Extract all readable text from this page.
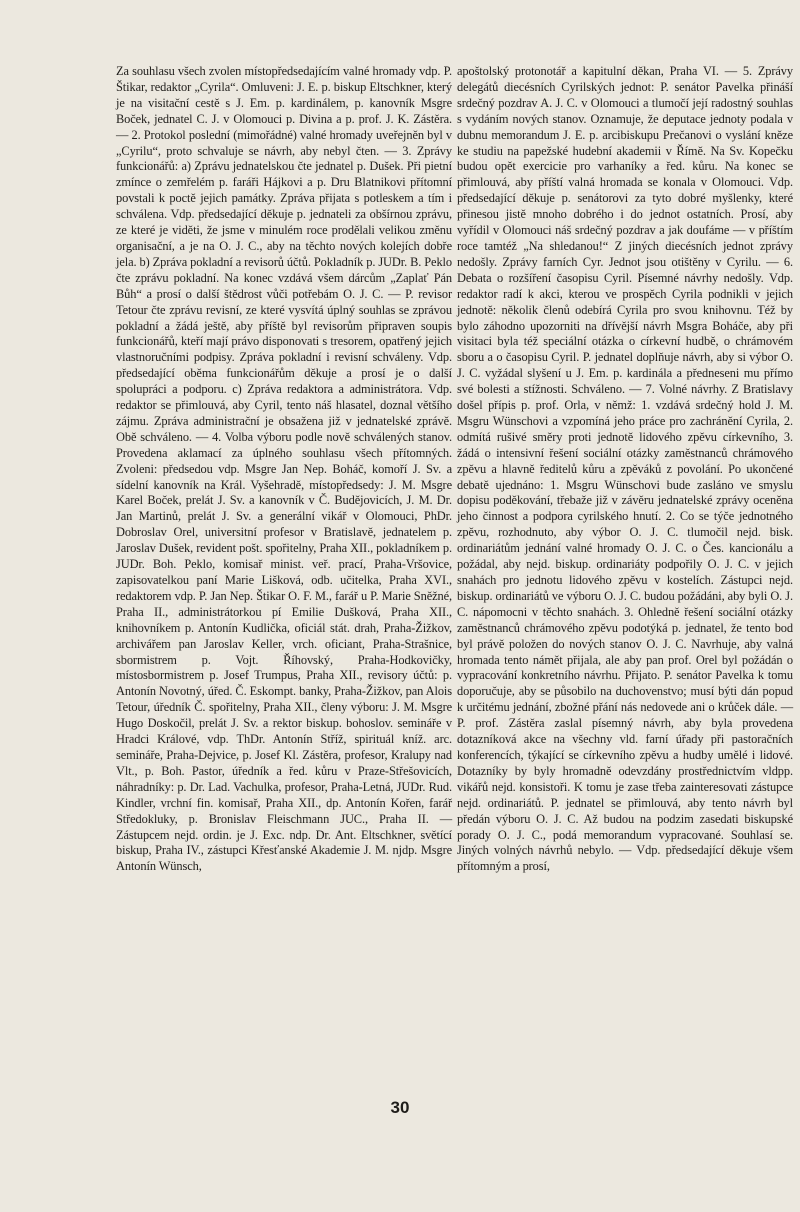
Za souhlasu všech zvolen místopředsedajícím valné hromady vdp. P. Štikar, redaktor „Cyrila“. Omluveni: J. E. p. biskup Eltschkner, který je na visitační cestě s J. Em. p. kardinálem, p. kanovník Msgre Boček, jednatel C. J. v Olomouci p. Divina a p. prof. J. K. Zástěra. — 2. Protokol poslední (mimořádné) valné hromady uveřejněn byl v „Cyrilu“, proto schvaluje se návrh, aby nebyl čten. — 3. Zprávy funkcionářů: a) Zprávu jednatelskou čte jednatel p. Dušek. Při pietní zmínce o zemřelém p. faráři Hájkovi a p. Dru Blatnikovi přítomní povstali k poctě jejich památky. Zpráva přijata s potleskem a tím i schválena. Vdp. předsedající děkuje p. jednateli za obšírnou zprávu, ze které je viděti, že jsme v minulém roce prodělali velikou změnu organisační, a je na O. J. C., aby na těchto nových kolejích dobře jela. b) Zpráva pokladní a revisorů účtů. Pokladník p. JUDr. B. Peklo čte zprávu pokladní. Na konec vzdává všem dárcům „Zaplať Pán Bůh“ a prosí o další štědrost vůči potřebám O. J. C. — P. revisor Tetour čte zprávu revisní, ze které vysvítá úplný souhlas se zprávou pokladní a žádá ještě, aby příště byl revisorům připraven soupis funkcionářů, kteří mají právo disponovati s tresorem, opatřený jejich vlastnoručními podpisy. Zpráva pokladní i revisní schváleny. Vdp. předsedající oběma funkcionářům děkuje a prosí je o další spolupráci a podporu. c) Zpráva redaktora a administrátora. Vdp. redaktor se přimlouvá, aby Cyril, tento náš hlasatel, doznal většího zájmu. Zpráva administrační je obsažena již v jednatelské zprávě. Obě schváleno. — 4. Volba výboru podle nově schválených stanov. Provedena aklamací za úplného souhlasu všech přítomných. Zvoleni: předsedou vdp. Msgre Jan Nep. Boháč, komoří J. Sv. a sídelní kanovník na Král. Vyšehradě, místopředsedy: J. M. Msgre Karel Boček, prelát J. Sv. a kanovník v Č. Budějovicích, J. M. Dr. Jan Martinů, prelát J. Sv. a generální vikář v Olomouci, PhDr. Dobroslav Orel, universitní profesor v Bratislavě, jednatelem p. Jaroslav Dušek, revident pošt. spořitelny, Praha XII., pokladníkem p. JUDr. Boh. Peklo, komisař minist. veř. prací, Praha-Vršovice, zapisovatelkou paní Marie Lišková, odb. učitelka, Praha XVI., redaktorem vdp. P. Jan Nep. Štikar O. F. M., farář u P. Marie Sněžné, Praha II., administrátorkou pí Emilie Dušková, Praha XII., knihovníkem p. Antonín Kudlička, oficiál stát. drah, Praha-Žižkov, archivářem pan Jaroslav Keller, vrch. oficiant, Praha-Strašnice, sbormistrem p. Vojt. Říhovský, Praha-Hodkovičky, místosbormistrem p. Josef Trumpus, Praha XII., revisory účtů: p. Antonín Novotný, úřed. Č. Eskompt. banky, Praha-Žižkov, pan Alois Tetour, úředník Č. spořitelny, Praha XII., členy výboru: J. M. Msgre Hugo Doskočil, prelát J. Sv. a rektor biskup. bohoslov. semináře v Hradci Králové, vdp. ThDr. Antonín Stříž, spirituál kníž. arc. semináře, Praha-Dejvice, p. Josef Kl. Zástěra, profesor, Kralupy nad Vlt., p. Boh. Pastor, úředník a řed. kůru v Praze-Střešovicích, náhradníky: p. Dr. Lad. Vachulka, profesor, Praha-Letná, JUDr. Rud. Kindler, vrchní fin. komisař, Praha XII., dp. Antonín Kořen, farář Středokluky, p. Bronislav Fleischmann JUC., Praha II. — Zástupcem nejd. ordin. je J. Exc. ndp. Dr. Ant. Eltschkner, světící biskup, Praha IV., zástupci Křesťanské Akademie J. M. njdp. Msgre Antonín Wünsch,

apoštolský protonotář a kapitulní děkan, Praha VI. — 5. Zprávy delegátů diecésních Cyrilských jednot: P. senátor Pavelka přináší srdečný pozdrav A. J. C. v Olomouci a tlumočí její radostný souhlas s vydáním nových stanov. Oznamuje, že deputace jednoty podala v dubnu memorandum J. E. p. arcibiskupu Prečanovi o vyslání kněze ke studiu na papežské hudební akademii v Římě. Na Sv. Kopečku budou opět exercicie pro varhaníky a řed. kůru. Na konec se přimlouvá, aby příští valná hromada se konala v Olomouci. Vdp. předsedající děkuje p. senátorovi za tyto dobré myšlenky, které přinesou jistě mnoho dobrého i do jednot ostatních. Prosí, aby vyřídil v Olomouci náš srdečný pozdrav a jak doufáme — v příštím roce tamtéž „Na shledanou!“ Z jiných diecésních jednot zprávy nedošly. Zprávy farních Cyr. Jednot jsou otištěny v Cyrilu. — 6. Debata o rozšíření časopisu Cyril. Písemné návrhy nedošly. Vdp. redaktor radí k akci, kterou ve prospěch Cyrila podnikli v jejich jednotě: několik členů odebírá Cyrila pro svou knihovnu. Též by bylo záhodno upozorniti na dřívější návrh Msgra Boháče, aby při visitaci byla též speciální otázka o církevní hudbě, o chrámovém sboru a o časopisu Cyril. P. jednatel doplňuje návrh, aby si výbor O. J. C. vyžádal slyšení u J. Em. p. kardinála a předneseni mu přímo své bolesti a stížnosti. Schváleno. — 7. Volné návrhy. Z Bratislavy došel přípis p. prof. Orla, v němž: 1. vzdává srdečný hold J. M. Msgru Wünschovi a vzpomíná jeho práce pro zachránění Cyrila, 2. odmítá rušivé směry proti jednotě lidového zpěvu církevního, 3. žádá o intensivní řešení sociální otázky zaměstnanců chrámového zpěvu a hlavně ředitelů kůru a zpěváků z povolání. Po ukončené debatě ujednáno: 1. Msgru Wünschovi bude zasláno ve smyslu dopisu poděkování, třebaže již v závěru jednatelské zprávy oceněna jeho činnost a podpora cyrilského hnutí. 2. Co se týče jednotného zpěvu, rozhodnuto, aby výbor O. J. C. tlumočil nejd. bisk. ordinariátům jednání valné hromady O. J. C. o Čes. kancionálu a požádal, aby nejd. biskup. ordinariáty podpořily O. J. C. v jejich snahách pro jednotu lidového zpěvu v kostelích. Zástupci nejd. biskup. ordinariátů ve výboru O. J. C. budou požádáni, aby byli O. J. C. nápomocni v těchto snahách. 3. Ohledně řešení sociální otázky zaměstnanců chrámového zpěvu podotýká p. jednatel, že tento bod byl právě položen do nových stanov O. J. C. Navrhuje, aby valná hromada tento námět přijala, ale aby pan prof. Orel byl požádán o vypracování konkretního návrhu. Přijato. P. senátor Pavelka k tomu doporučuje, aby se působilo na duchovenstvo; musí býti dán popud k určitému jednání, zbožné přání nás nedovede ani o krůček dále. — P. prof. Zástěra zaslal písemný návrh, aby byla provedena dotazníková akce na všechny vld. farní úřady při pastoračních konferencích, týkající se církevního zpěvu a hudby umělé i lidové. Dotazníky by byly hromadně odevzdány prostřednictvím vldpp. vikářů nejd. konsistoři. K tomu je zase třeba zainteresovati zástupce nejd. ordinariátů. P. jednatel se přimlouvá, aby tento návrh byl předán výboru O. J. C. Až budou na podzim zasedati biskupské porady O. J. C., podá memorandum vypracované. Souhlasí se. Jiných volných návrhů nebylo. — Vdp. předsedající děkuje všem přítomným a prosí,

30
